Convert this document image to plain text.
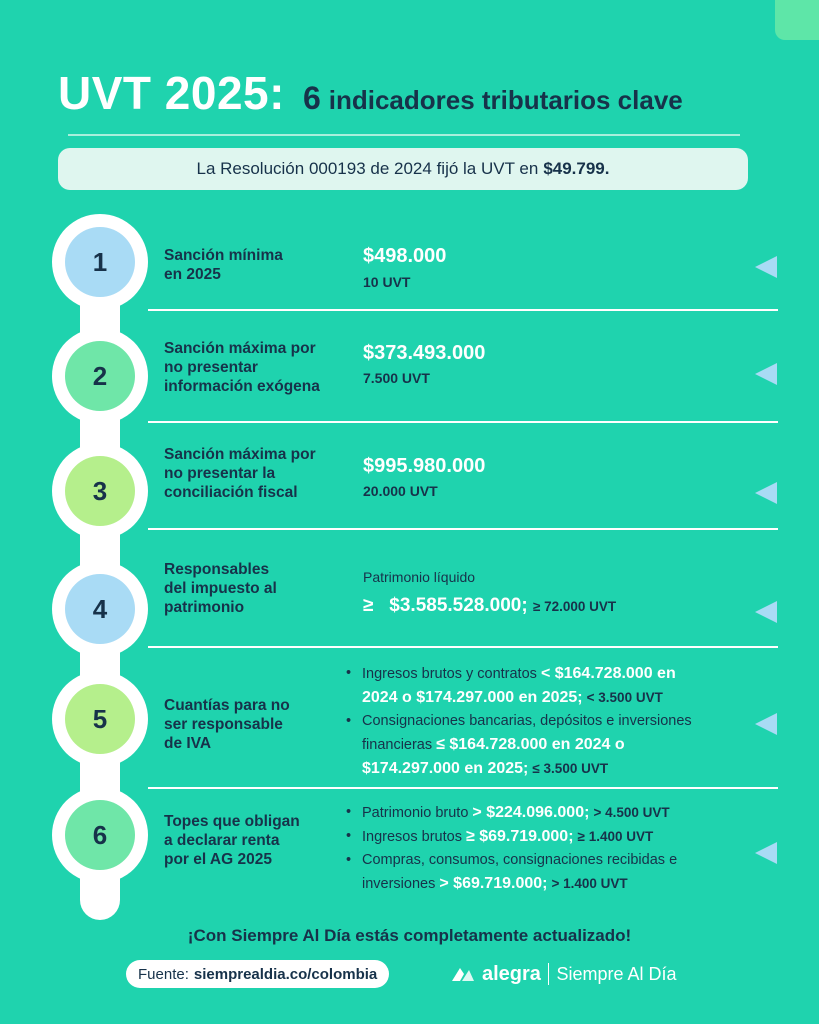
UVT 2025: 6 indicadores tributarios clave
La Resolución 000193 de 2024 fijó la UVT en $49.799.
1	Sanción mínima
en 2025
$498.000
10 UVT
2
Sanción máxima por
no presentar
información exógena
$373.493.000
7.500 UVT
3
Sanción máxima por
no presentar la
conciliación fiscal
$995.980.000
20.000 UVT
4
Responsables
del impuesto al
patrimonio
Patrimonio líquido
≥ $3.585.528.000; ≥ 72.000 UVT
5	Cuantías para no
ser responsable
de IVA
• Ingresos brutos y contratos < $164.728.000 en
2024 o $174.297.000 en 2025; < 3.500 UVT
• Consignaciones bancarias, depósitos e inversiones
financieras ≤ $164.728.000 en 2024 o
$174.297.000 en 2025; ≤ 3.500 UVT
6	Topes que obligan
a declarar renta
por el AG 2025
• Patrimonio bruto > $224.096.000; > 4.500 UVT
• Ingresos brutos ≥ $69.719.000; ≥ 1.400 UVT
• Compras, consumos, consignaciones recibidas e
inversiones > $69.719.000; > 1.400 UVT
¡Con Siempre Al Día estás completamente actualizado!
Fuente: siemprealdia.co/colombia	alegra Siempre Al Día
